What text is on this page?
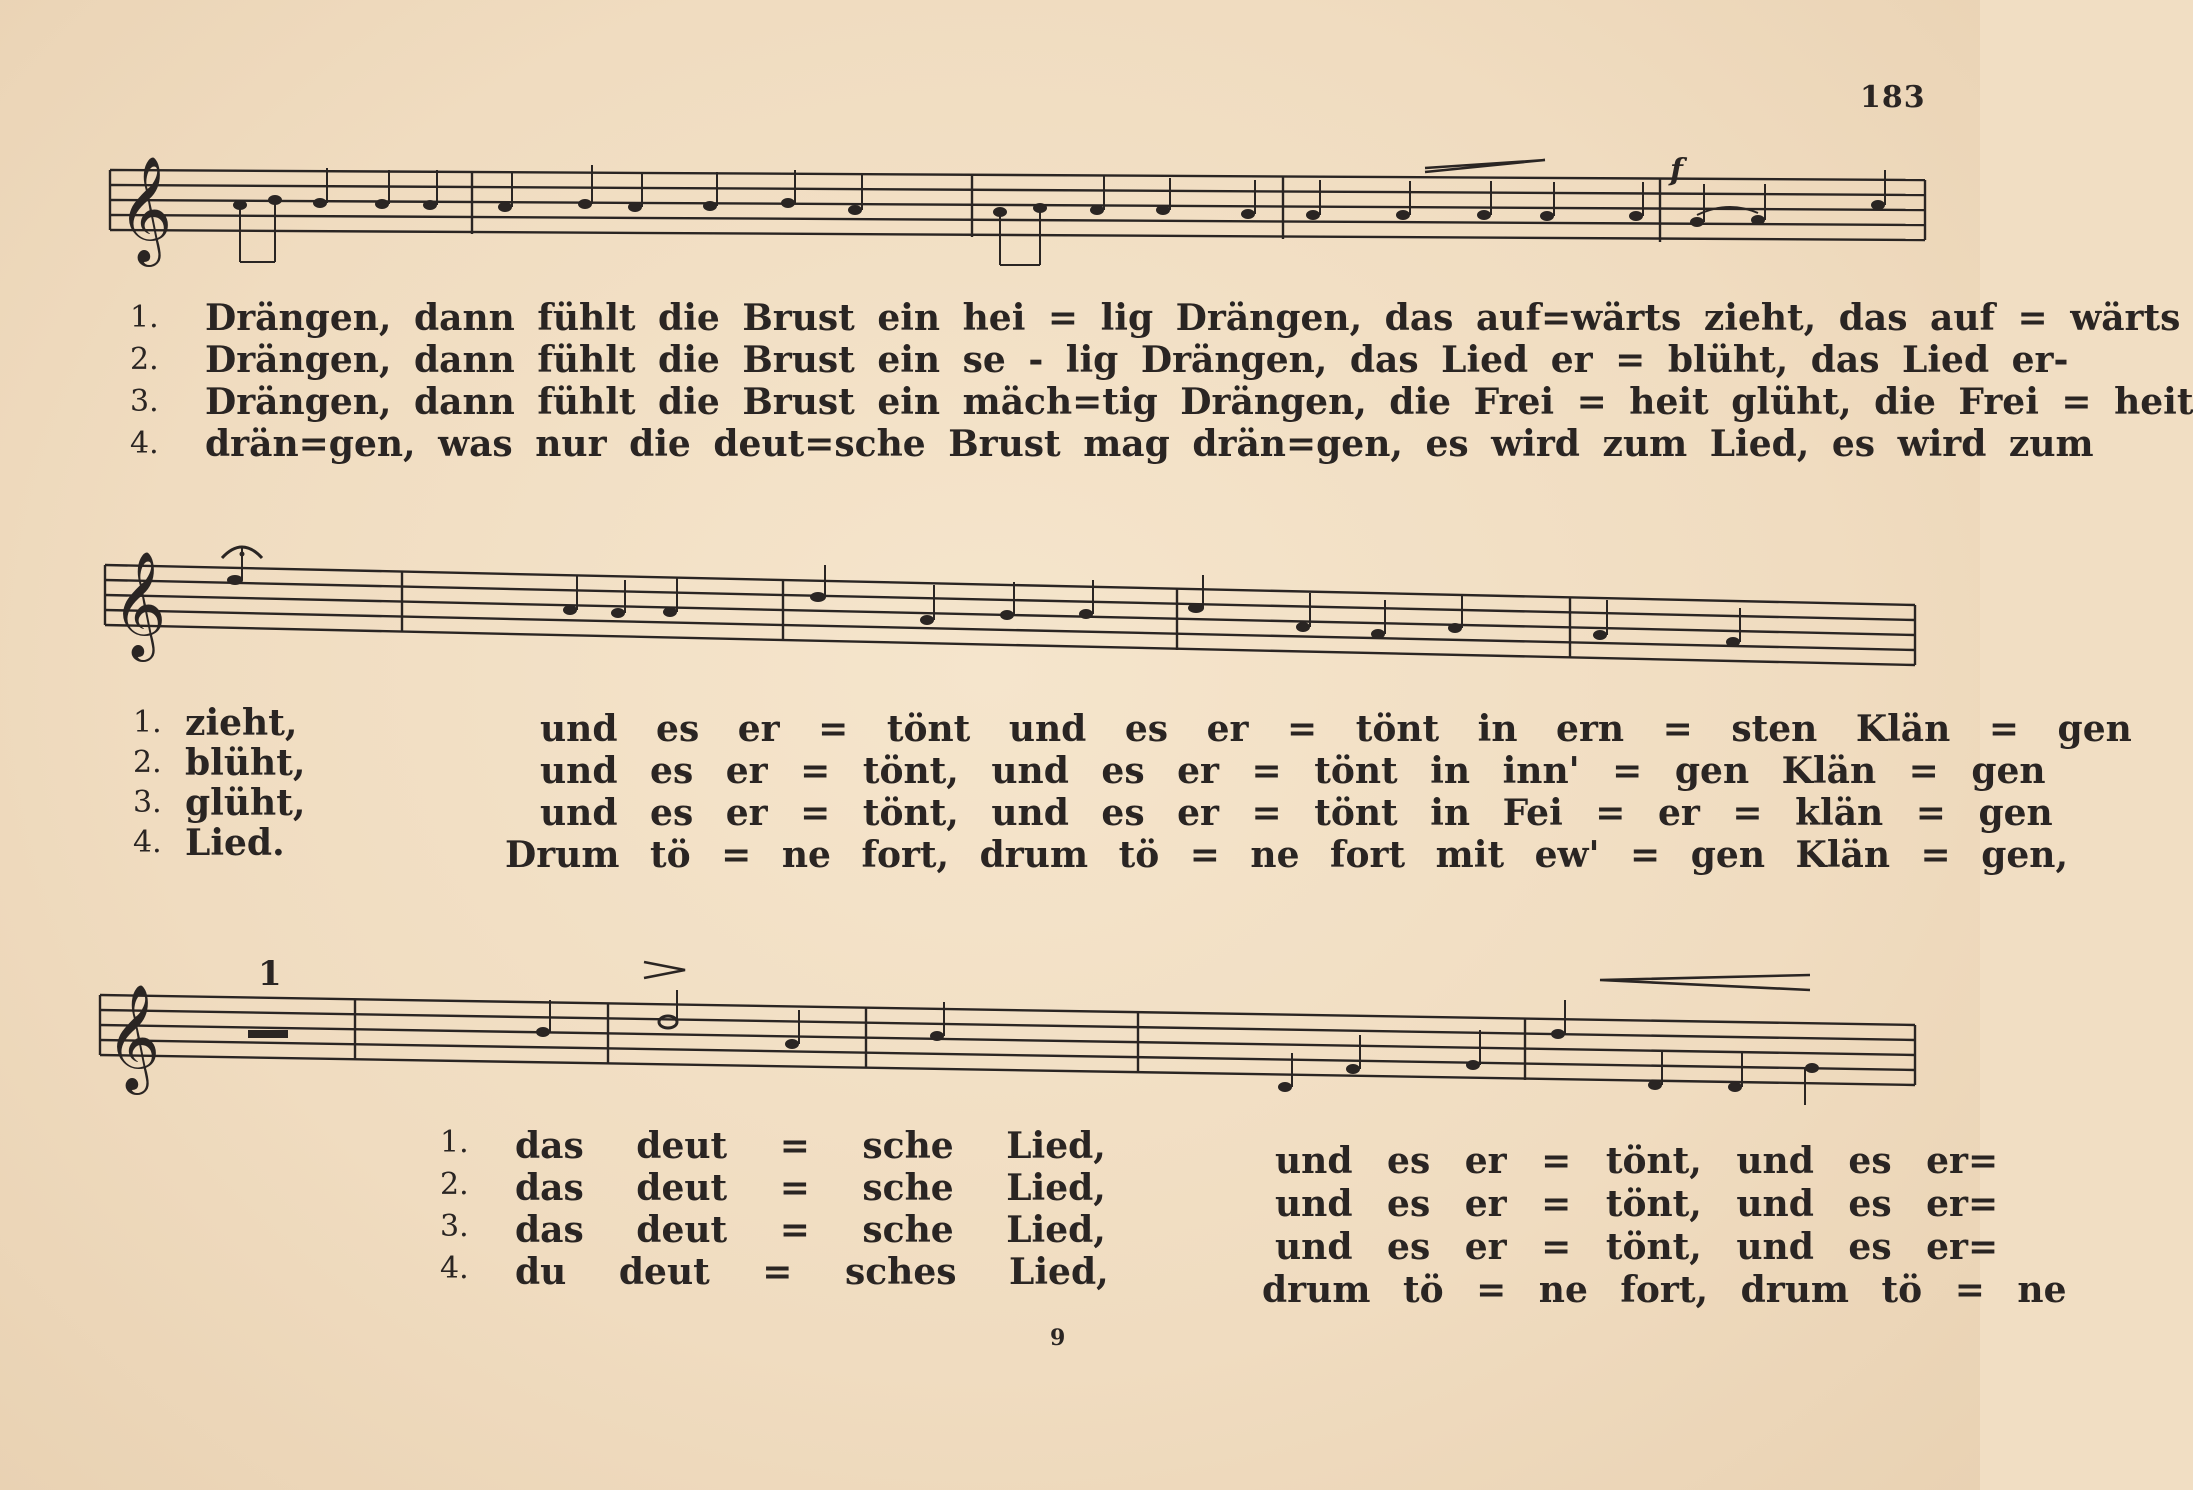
183
𝄞	f
1. Drängen, dann fühlt die Brust ein hei = lig Drängen, das auf=wärts zieht, das auf = wärts
2. Drängen, dann fühlt die Brust ein se - lig Drängen, das Lied er = blüht, das Lied er-
3. Drängen, dann fühlt die Brust ein mäch=tig Drängen, die Frei = heit glüht, die Frei = heit
4. drän=gen, was nur die deut=sche Brust mag drän=gen, es wird zum Lied, es wird zum
𝄞
1. zieht,	und es er = tönt und es er = tönt in ern = sten Klän = gen
2. blüht,	und es er = tönt, und es er = tönt in inn' = gen Klän = gen
3. glüht,	und es er = tönt, und es er = tönt in Fei = er = klän = gen
4. Lied.	Drum tö = ne fort, drum tö = ne fort mit ew' = gen Klän = gen,
𝄞
1
1. das deut = sche Lied,	und es er = tönt, und es er=
2. das deut = sche Lied,	und es er = tönt, und es er=
3. das deut = sche Lied,	und es er = tönt, und es er=
4. du deut = sches Lied,	drum tö = ne fort, drum tö = ne
9
